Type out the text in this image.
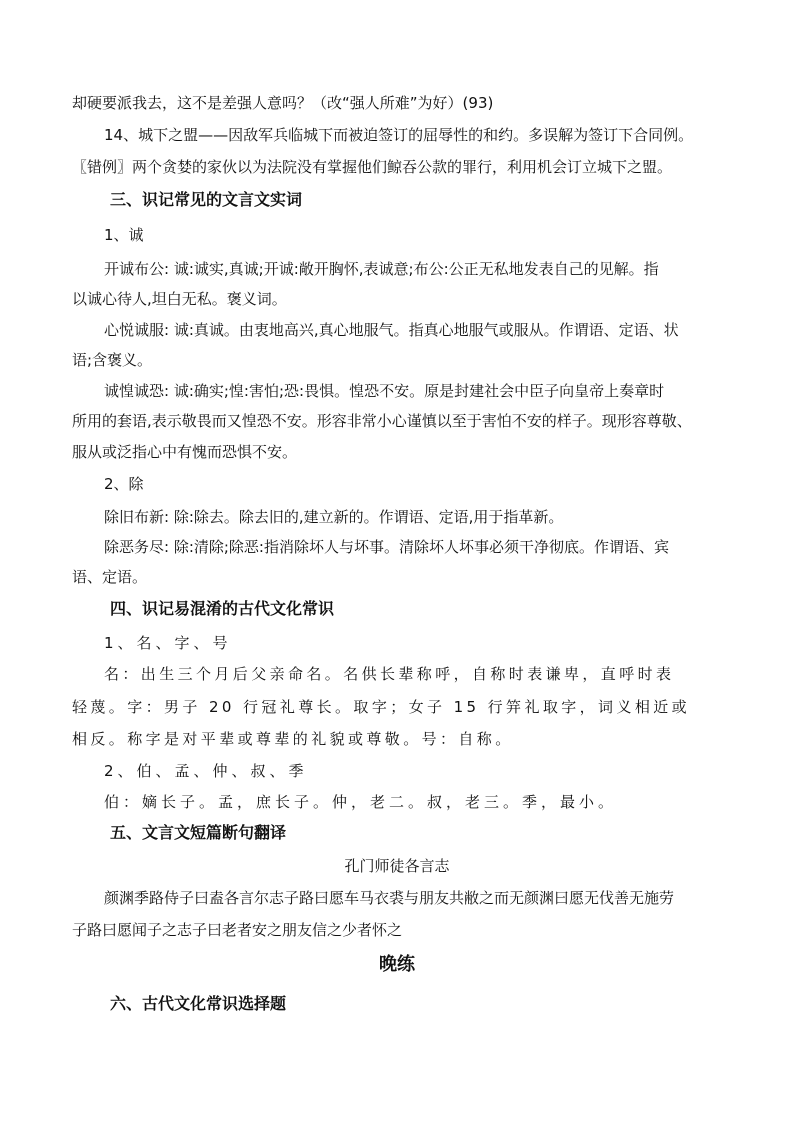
却硬要派我去，这不是差强人意吗？（改“强人所难”为好）(93)
14、城下之盟——因敌军兵临城下而被迫签订的屈辱性的和约。多误解为签订下合同例。
〖错例〗两个贪婪的家伙以为法院没有掌握他们鲸吞公款的罪行，利用机会订立城下之盟。
三、识记常见的文言文实词
1、诚
开诚布公: 诚:诚实,真诚;开诚:敞开胸怀,表诚意;布公:公正无私地发表自己的见解。指
以诚心待人,坦白无私。褒义词。
心悦诚服: 诚:真诚。由衷地高兴,真心地服气。指真心地服气或服从。作谓语、定语、状
语;含褒义。
诚惶诚恐: 诚:确实;惶:害怕;恐:畏惧。惶恐不安。原是封建社会中臣子向皇帝上奏章时
所用的套语,表示敬畏而又惶恐不安。形容非常小心谨慎以至于害怕不安的样子。现形容尊敬、
服从或泛指心中有愧而恐惧不安。
2、除
除旧布新: 除:除去。除去旧的,建立新的。作谓语、定语,用于指革新。
除恶务尽: 除:清除;除恶:指消除坏人与坏事。清除坏人坏事必须干净彻底。作谓语、宾
语、定语。
四、识记易混淆的古代文化常识
1、名、字、号
名：出生三个月后父亲命名。名供长辈称呼，自称时表谦卑，直呼时表
轻蔑。字：男子 20 行冠礼尊长。取字；女子 15 行笄礼取字，词义相近或
相反。称字是对平辈或尊辈的礼貌或尊敬。号：自称。
2、伯、孟、仲、叔、季
伯：嫡长子。孟，庶长子。仲，老二。叔，老三。季，最小。
五、文言文短篇断句翻译
孔门师徒各言志
颜渊季路侍子曰盍各言尔志子路曰愿车马衣裘与朋友共敝之而无颜渊曰愿无伐善无施劳
子路曰愿闻子之志子曰老者安之朋友信之少者怀之
晚练
六、古代文化常识选择题
